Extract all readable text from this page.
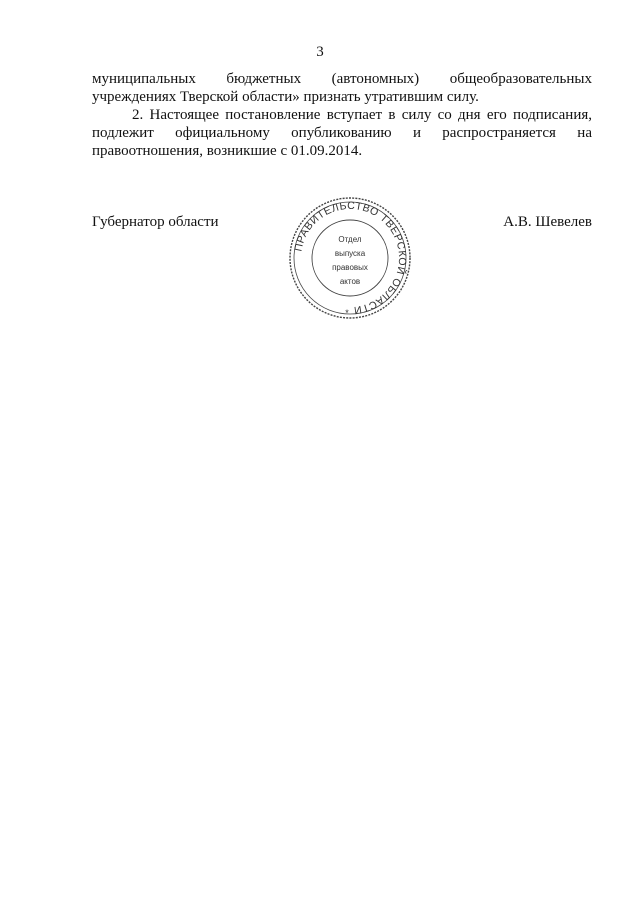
3

муниципальных бюджетных (автономных) общеобразовательных
учреждениях Тверской области» признать утратившим силу.

2. Настоящее постановление вступает в силу со дня его подписания, подлежит официальному опубликованию и распространяется на правоотношения, возникшие с 01.09.2014.

Губернатор области	А.В. Шевелев
ПРАВИТЕЛЬСТВО ТВЕРСКОЙ ОБЛАСТИ
Отдел
выпуска
правовых
актов
*
